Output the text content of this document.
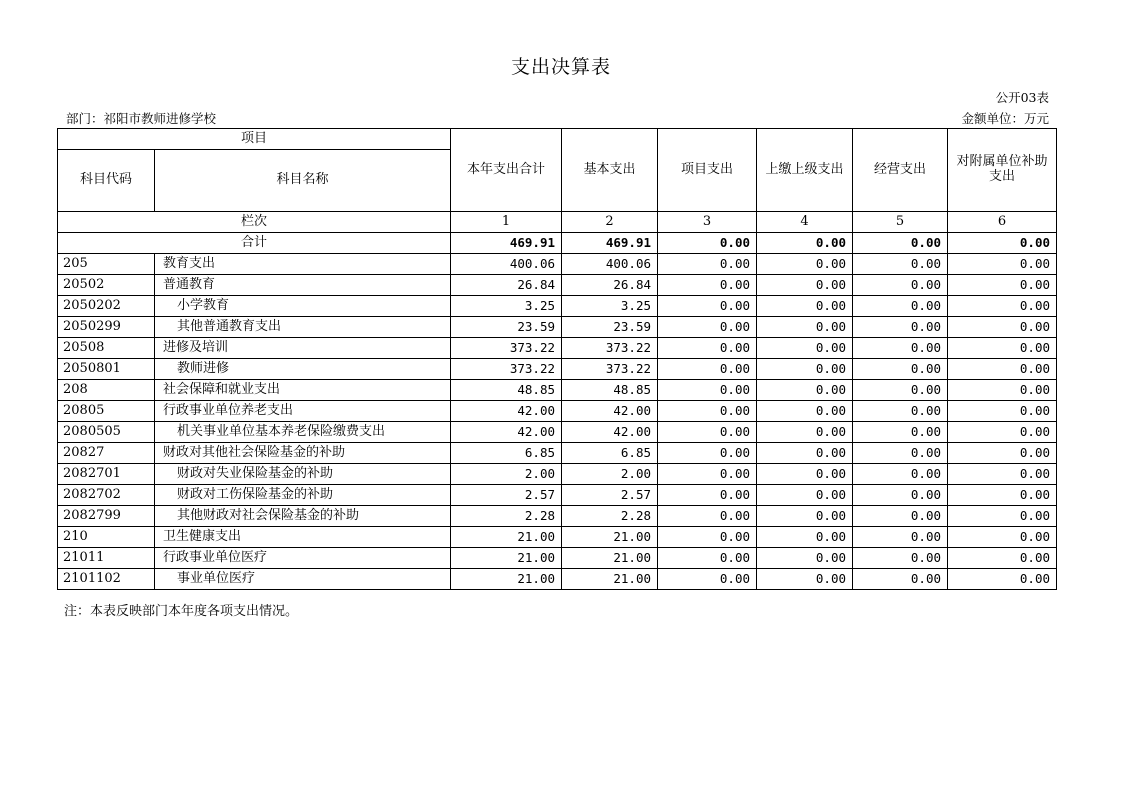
支出决算表
公开03表
部门：祁阳市教师进修学校	金额单位：万元
项目		本年支出合计	基本支出	项目支出	上缴上级支出	经营支出	对附属单位补助支出
科目代码	科目名称						
栏次		1	2	3	4	5	6
合计		469.91	469.91	0.00	0.00	0.00	0.00
205	教育支出	400.06	400.06	0.00	0.00	0.00	0.00
20502	普通教育	26.84	26.84	0.00	0.00	0.00	0.00
2050202	小学教育	3.25	3.25	0.00	0.00	0.00	0.00
2050299	其他普通教育支出	23.59	23.59	0.00	0.00	0.00	0.00
20508	进修及培训	373.22	373.22	0.00	0.00	0.00	0.00
2050801	教师进修	373.22	373.22	0.00	0.00	0.00	0.00
208	社会保障和就业支出	48.85	48.85	0.00	0.00	0.00	0.00
20805	行政事业单位养老支出	42.00	42.00	0.00	0.00	0.00	0.00
2080505	机关事业单位基本养老保险缴费支出	42.00	42.00	0.00	0.00	0.00	0.00
20827	财政对其他社会保险基金的补助	6.85	6.85	0.00	0.00	0.00	0.00
2082701	财政对失业保险基金的补助	2.00	2.00	0.00	0.00	0.00	0.00
2082702	财政对工伤保险基金的补助	2.57	2.57	0.00	0.00	0.00	0.00
2082799	其他财政对社会保险基金的补助	2.28	2.28	0.00	0.00	0.00	0.00
210	卫生健康支出	21.00	21.00	0.00	0.00	0.00	0.00
21011	行政事业单位医疗	21.00	21.00	0.00	0.00	0.00	0.00
2101102	事业单位医疗	21.00	21.00	0.00	0.00	0.00	0.00
注：本表反映部门本年度各项支出情况。
